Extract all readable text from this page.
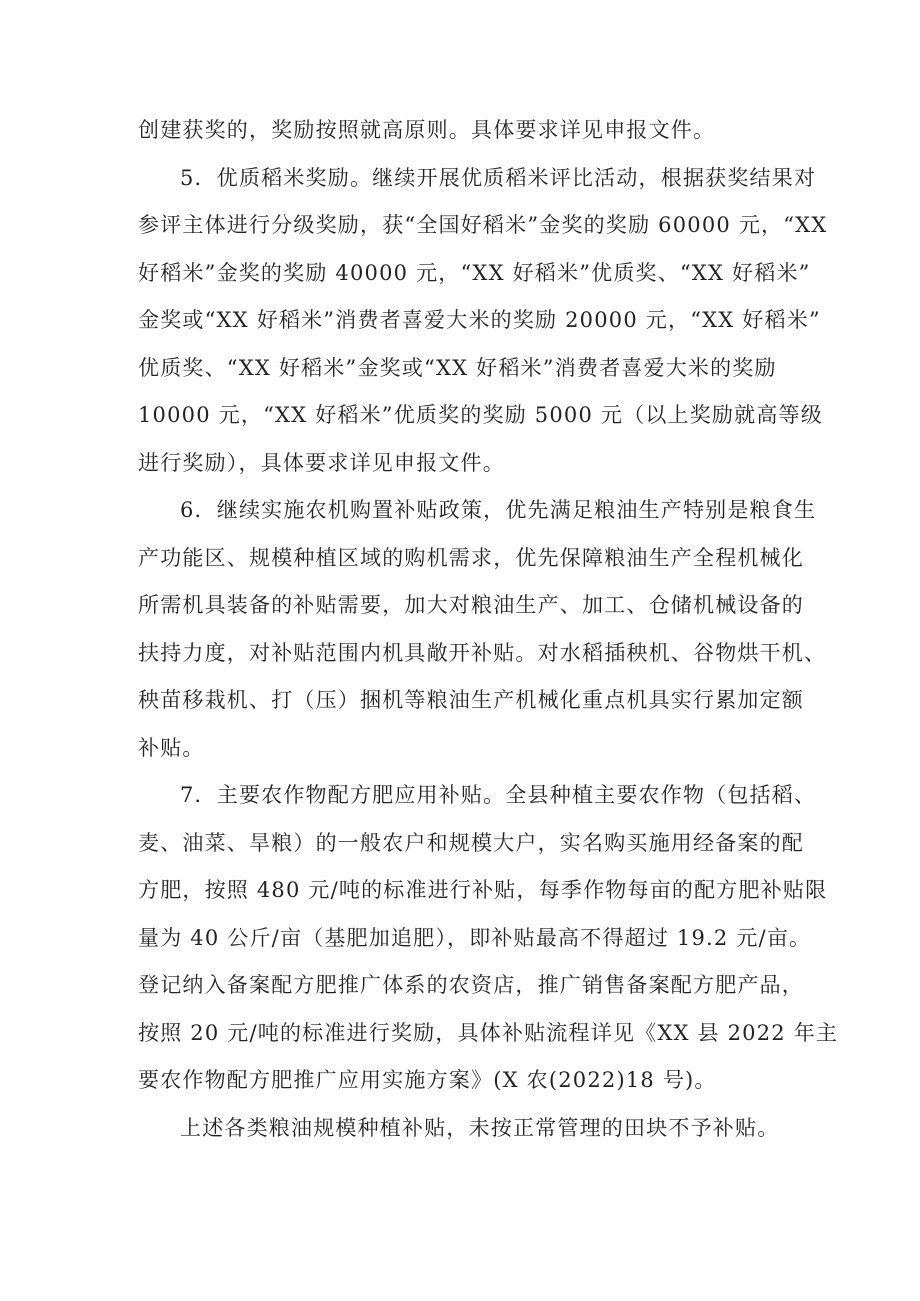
创建获奖的，奖励按照就高原则。具体要求详见申报文件。
5．优质稻米奖励。继续开展优质稻米评比活动，根据获奖结果对
参评主体进行分级奖励，获“全国好稻米”金奖的奖励 60000 元，“XX
好稻米”金奖的奖励 40000 元，“XX 好稻米”优质奖、“XX 好稻米”
金奖或“XX 好稻米”消费者喜爱大米的奖励 20000 元，“XX 好稻米”
优质奖、“XX 好稻米”金奖或“XX 好稻米”消费者喜爱大米的奖励
10000 元，“XX 好稻米”优质奖的奖励 5000 元（以上奖励就高等级
进行奖励），具体要求详见申报文件。
6．继续实施农机购置补贴政策，优先满足粮油生产特别是粮食生
产功能区、规模种植区域的购机需求，优先保障粮油生产全程机械化
所需机具装备的补贴需要，加大对粮油生产、加工、仓储机械设备的
扶持力度，对补贴范围内机具敞开补贴。对水稻插秧机、谷物烘干机、
秧苗移栽机、打（压）捆机等粮油生产机械化重点机具实行累加定额
补贴。
7．主要农作物配方肥应用补贴。全县种植主要农作物（包括稻、
麦、油菜、旱粮）的一般农户和规模大户，实名购买施用经备案的配
方肥，按照 480 元/吨的标准进行补贴，每季作物每亩的配方肥补贴限
量为 40 公斤/亩（基肥加追肥），即补贴最高不得超过 19.2 元/亩。
登记纳入备案配方肥推广体系的农资店，推广销售备案配方肥产品，
按照 20 元/吨的标准进行奖励，具体补贴流程详见《XX 县 2022 年主
要农作物配方肥推广应用实施方案》(X 农(2022)18 号)。
上述各类粮油规模种植补贴，未按正常管理的田块不予补贴。
